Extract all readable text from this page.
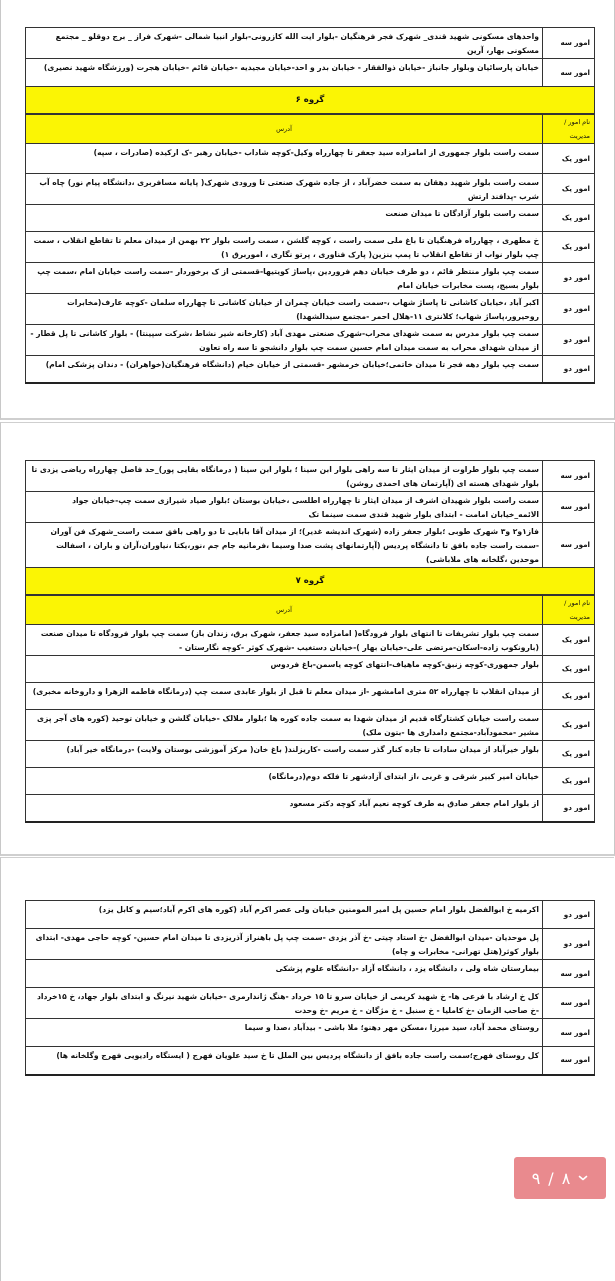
امور سه	واحدهای مسکونی شهید قندی_ شهرک فجر فرهنگیان -بلوار ایت الله کازرونی-بلوار انبیا شمالی -شهرک فراز _ برج دوقلو _ مجتمع مسکونی بهار، آرین
امور سه	خیابان پارسائیان وبلوار جانباز -خیابان ذوالفقار - خیابان بدر و احد-خیابان مجیدیه -خیابان قائم -خیابان هجرت (ورزشگاه شهید نصیری)
گروه ۶	
نام امور /مدیریت	آدرس
امور یک	سمت راست بلوار جمهوری از امامزاده سید جعفر تا چهارراه وکیل-کوچه شاداب -خیابان رهبر -ک ارکیده (صادرات ، سپه)
امور یک	سمت راست بلوار شهید دهقان به سمت خضرآباد ، از جاده شهرک صنعتی تا ورودی شهرک( پایانه مسافربری ،دانشگاه پیام نور) چاه آب شرب -پدافند ارتش
امور یک	سمت راست بلوار آزادگان تا میدان صنعت
امور یک	خ مطهری ، چهارراه فرهنگیان تا باغ ملی سمت راست ، کوچه گلشن ، سمت راست بلوار ۲۲ بهمن از میدان معلم تا تقاطع انقلاب ، سمت چپ بلوار نواب از تقاطع انقلاب تا پمپ بنزین( پارک فناوری ، پرتو نگاری ، اموربرق ۱)
امور دو	سمت چپ بلوار منتظر قائم ، دو طرف خیابان دهم فروردین ،پاساژ کویتیها-قسمتی از ک برخوردار -سمت راست خیابان امام ،سمت چپ بلوار بسیج، پست مخابرات خیابان امام
امور دو	اکبر آباد ،خیابان کاشانی تا پاساژ شهاب ،-سمت راست خیابان چمران از خیابان کاشانی تا چهارراه سلمان -کوچه عارف(مخابرات روحیرور،پاساژ شهاب؛ کلانتری ۱۱-هلال احمر -مجتمع سیدالشهدا)
امور دو	سمت چپ بلوار مدرس به سمت شهدای محراب-شهرک صنعتی مهدی آباد (کارخانه شیر نشاط ،شرکت سپینتا) - بلوار کاشانی تا پل قطار - از میدان شهدای محراب به سمت میدان امام حسین سمت چپ بلوار دانشجو تا سه راه تعاون
امور دو	سمت چپ بلوار دهه فجر تا میدان خاتمی؛خیابان خرمشهر -قسمتی از خیابان خیام (دانشگاه فرهنگیان(خواهران) - دندان پزشکی امام)
امور سه	سمت چپ بلوار طراوت از میدان ایثار تا سه راهی بلوار ابن سینا ؛ بلوار ابن سینا ( درمانگاه بقایی پور)_حد فاصل چهارراه ریاضی یزدی تا بلوار شهدای هسته ای (آپارتمان های احمدی روشن)
امور سه	سمت راست بلوار شهیدان اشرف از میدان ایثار تا چهارراه اطلسی ،خیابان بوستان ؛بلوار صیاد شیرازی سمت چپ-خیابان جواد الائمه_خیابان امامت - ابتدای بلوار شهید قندی سمت سینما تک
امور سه	فاز۱و۲ و۳ شهرک طوبی ؛بلوار جعفر زاده (شهرک اندیشه غدیر)؛ از میدان آقا بابایی تا دو راهی بافق سمت راست_شهرک فن آوران -سمت راست جاده بافق تا دانشگاه پردیس (آپارتمانهای پشت صدا وسیما ،فرمانیه جام جم ،نور،یکتا ،نیاوران،آران و باران ، اسفالت موحدین ،گلخانه های ملاباشی)
گروه ۷	
نام امور /مدیریت	آدرس
امور یک	سمت چپ بلوار تشریفات تا انتهای بلوار فرودگاه( امامزاده سید جعفر، شهرک برق، زندان باز) سمت چپ بلوار فرودگاه تا میدان صنعت (بارونکوب زاده-اسکان-مرتضی علی-خیابان بهار )-خیابان دستغیب -شهرک کوثر -کوچه نگارستان -
امور یک	بلوار جمهوری-کوچه زنبق-کوچه ماهیاف-انتهای کوچه یاسمن-باغ فردوس
امور یک	از میدان انقلاب تا چهارراه ۵۲ متری امامشهر -از میدان معلم تا قبل از بلوار عابدی سمت چپ (درمانگاه فاطمه الزهرا و داروخانه مخبری)
امور یک	سمت راست خیابان کشتارگاه قدیم از میدان شهدا به سمت جاده کوره ها ؛بلوار ملالک -خیابان گلشن و خیابان توحید (کوره های آجر پزی مشیر -محمودآباد-مجتمع دامداری ها -بتون ملک)
امور یک	بلوار خیرآباد از میدان سادات تا جاده کنار گذر سمت راست -کاریزلند( باغ خان( مرکز آموزشی بوستان ولایت) -درمانگاه خیر آباد)
امور یک	خیابان امیر کبیر شرقی و غربی ،از ابتدای آزادشهر تا فلکه دوم(درمانگاه)
امور دو	از بلوار امام جعفر صادق به طرف کوچه نعیم آباد کوچه دکتر مسعود
امور دو	اکرمیه خ ابوالفضل بلوار امام حسین پل امیر المومنین خیابان ولی عصر اکرم آباد (کوره های اکرم آباد؛سیم و کابل یزد)
امور دو	پل موحدیان -میدان ابوالفضل -خ استاد چیتی -خ آذر یزدی -سمت چپ پل باهنراز آذریزدی تا میدان امام حسین- کوچه حاجی مهدی- ابتدای بلوار کوثر(هتل تهرانی- مخابرات و چاه)
امور سه	بیمارستان شاه ولی ، دانشگاه یزد ، دانشگاه آزاد -دانشگاه علوم پزشکی
امور سه	کل خ ارشاد با فرعی ها- خ شهید کریمی از خیابان سرو تا ۱۵ خرداد -هنگ ژاندارمری -خیابان شهید نیرنگ و ابتدای بلوار جهاد، خ ۱۵خرداد -خ صاحب الزمان -خ کاملیا - خ سنبل - خ مژگان - خ مریم -خ وحدت
امور سه	روستای محمد آباد، سید میرزا ،مسکن مهر دهنو؛ ملا باشی - بیدآباد ،صدا و سیما
امور سه	کل روستای فهرج؛سمت راست جاده بافق از دانشگاه پردیس بین الملل تا خ سید علویان فهرج ( ایستگاه رادیویی فهرج وگلخانه ها)
۹ / ۸
